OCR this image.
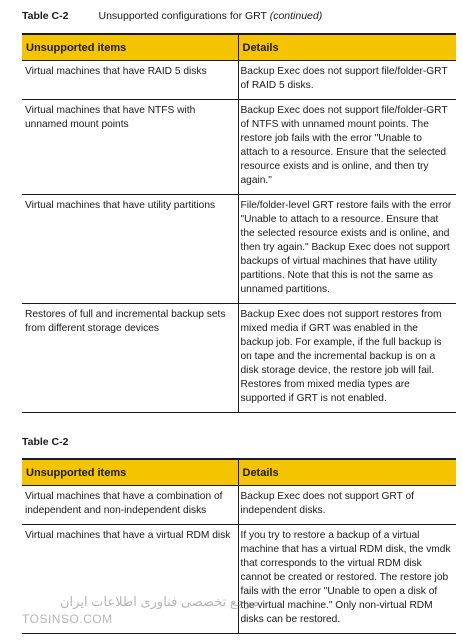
Table C-2	Unsupported configurations for GRT (continued)
Unsupported items	Details
Virtual machines that have RAID 5 disks	Backup Exec does not support file/folder-GRT of RAID 5 disks.
Virtual machines that have NTFS with unnamed mount points	Backup Exec does not support file/folder-GRT of NTFS with unnamed mount points. The restore job fails with the error "Unable to attach to a resource. Ensure that the selected resource exists and is online, and then try again."
Virtual machines that have utility partitions	File/folder-level GRT restore fails with the error "Unable to attach to a resource. Ensure that the selected resource exists and is online, and then try again." Backup Exec does not support backups of virtual machines that have utility partitions. Note that this is not the same as unnamed partitions.
Restores of full and incremental backup sets from different storage devices	Backup Exec does not support restores from mixed media if GRT was enabled in the backup job. For example, if the full backup is on tape and the incremental backup is on a disk storage device, the restore job will fail. Restores from mixed media types are supported if GRT is not enabled.
Table C-2
Unsupported items	Details
Virtual machines that have a combination of independent and non-independent disks	Backup Exec does not support GRT of independent disks.
Virtual machines that have a virtual RDM disk	If you try to restore a backup of a virtual machine that has a virtual RDM disk, the vmdk that corresponds to the virtual RDM disk cannot be created or restored. The restore job fails with the error "Unable to open a disk of the virtual machine." Only non-virtual RDM disks can be restored.
مرجع تخصصی فناوری اطلاعات ایران
TOSINSO.COM
